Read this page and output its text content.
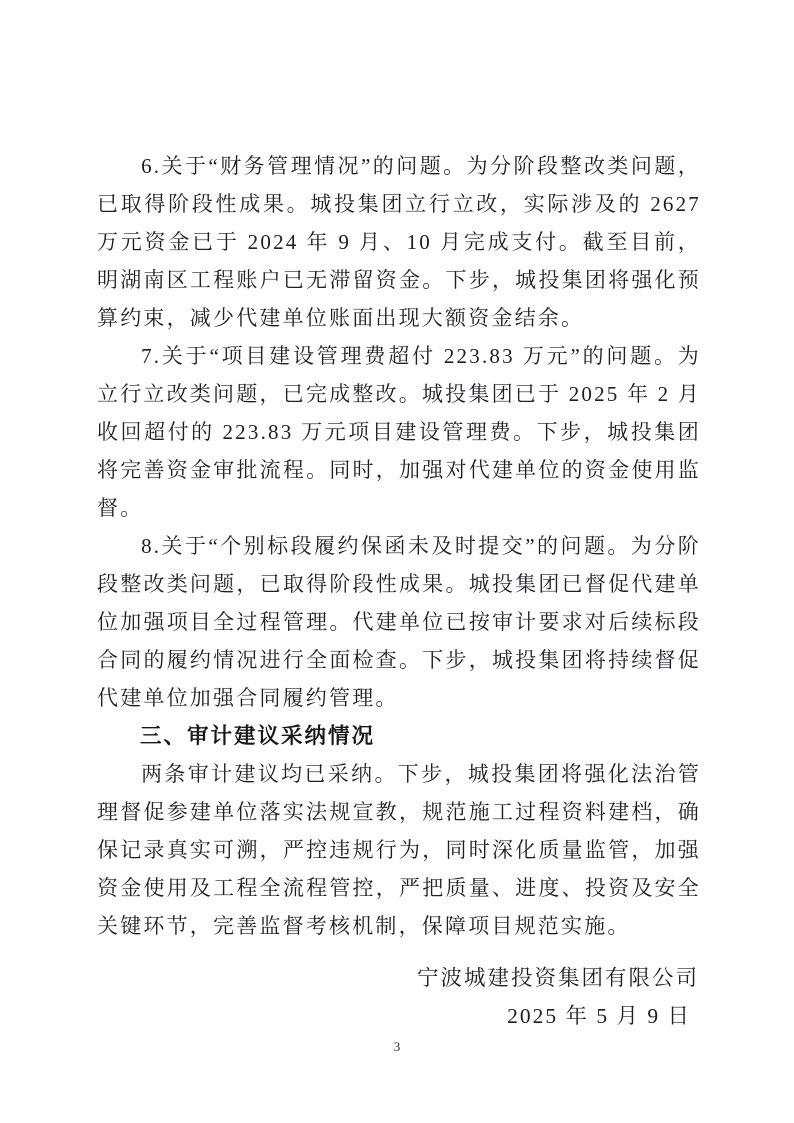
6.关于“财务管理情况”的问题。为分阶段整改类问题，已取得阶段性成果。城投集团立行立改，实际涉及的 2627 万元资金已于 2024 年 9 月、10 月完成支付。截至目前，明湖南区工程账户已无滞留资金。下步，城投集团将强化预算约束，减少代建单位账面出现大额资金结余。

7.关于“项目建设管理费超付 223.83 万元”的问题。为立行立改类问题，已完成整改。城投集团已于 2025 年 2 月收回超付的 223.83 万元项目建设管理费。下步，城投集团将完善资金审批流程。同时，加强对代建单位的资金使用监督。

8.关于“个别标段履约保函未及时提交”的问题。为分阶段整改类问题，已取得阶段性成果。城投集团已督促代建单位加强项目全过程管理。代建单位已按审计要求对后续标段合同的履约情况进行全面检查。下步，城投集团将持续督促代建单位加强合同履约管理。

三、审计建议采纳情况

两条审计建议均已采纳。下步，城投集团将强化法治管理督促参建单位落实法规宣教，规范施工过程资料建档，确保记录真实可溯，严控违规行为，同时深化质量监管，加强资金使用及工程全流程管控，严把质量、进度、投资及安全关键环节，完善监督考核机制，保障项目规范实施。

宁波城建投资集团有限公司

2025 年 5 月 9 日

3
